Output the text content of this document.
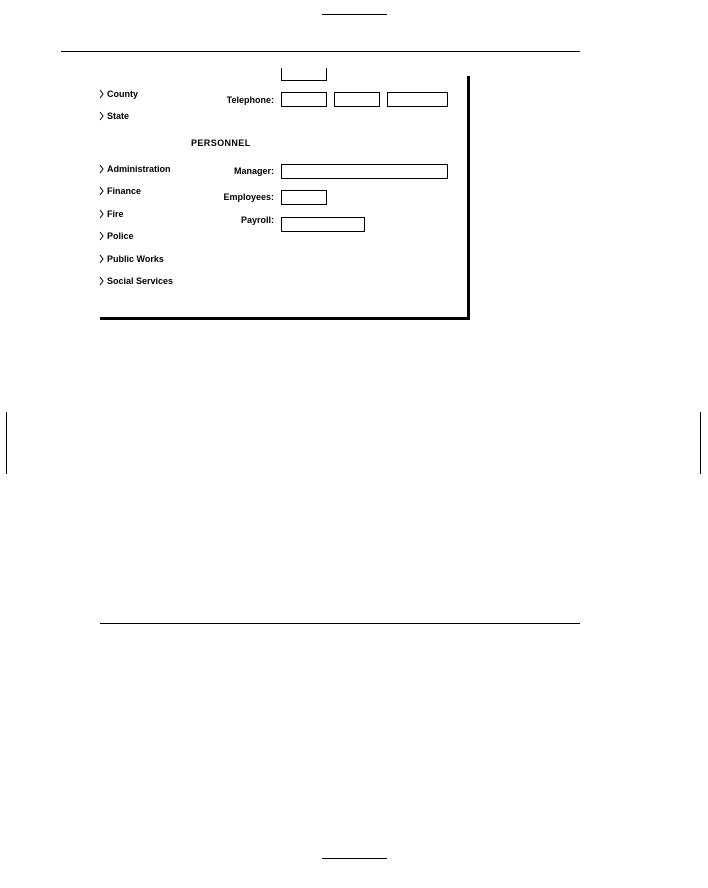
County
State
Telephone:
PERSONNEL
Administration
Finance
Fire
Police
Public Works
Social Services
Manager:
Employees:
Payroll:
